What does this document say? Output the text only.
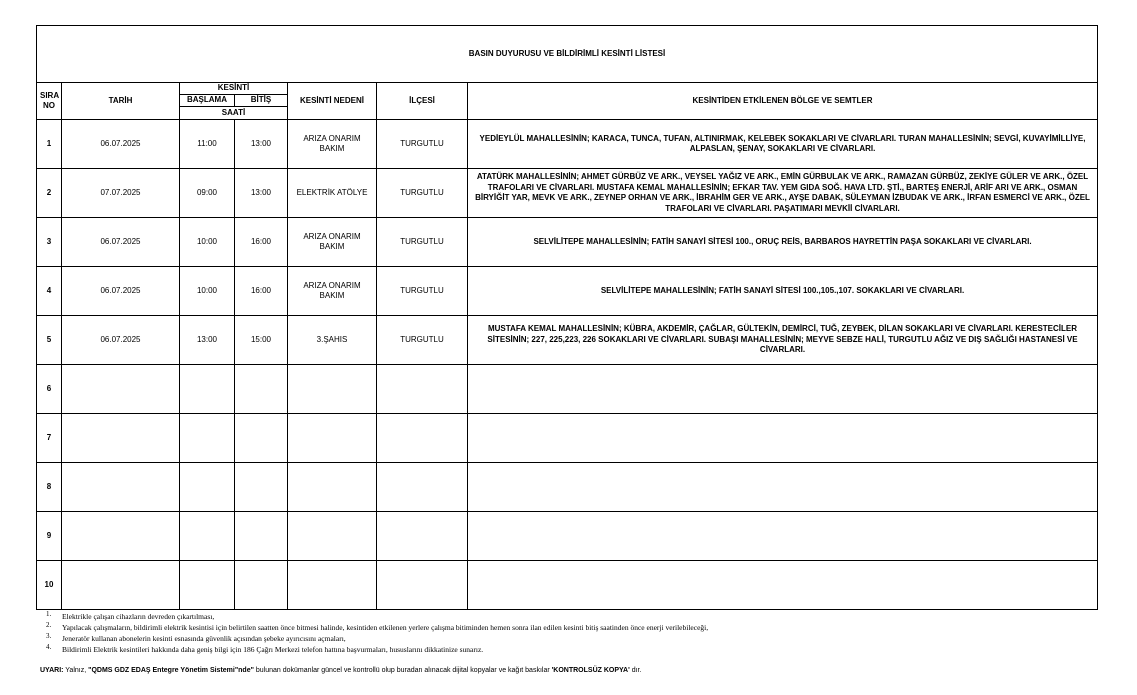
BASIN DUYURUSU VE BİLDİRİMLİ KESİNTİ LİSTESİ						
SIRA NO	TARİH	KESİNTİ		KESİNTİ NEDENİ	İLÇESİ	KESİNTİDEN ETKİLENEN BÖLGE VE SEMTLER
		BAŞLAMA	BİTİŞ			
		SAATİ				
1	06.07.2025	11:00	13:00	ARIZA ONARIM BAKIM	TURGUTLU	YEDİEYLÜL MAHALLESİNİN; KARACA, TUNCA, TUFAN, ALTINIRMAK, KELEBEK SOKAKLARI VE CİVARLARI. TURAN MAHALLESİNİN; SEVGİ, KUVAYİMİLLİYE, ALPASLAN, ŞENAY, SOKAKLARI VE CİVARLARI.
2	07.07.2025	09:00	13:00	ELEKTRİK ATÖLYE	TURGUTLU	ATATÜRK MAHALLESİNİN; AHMET GÜRBÜZ VE ARK., VEYSEL YAĞIZ VE ARK., EMİN GÜRBULAK VE ARK., RAMAZAN GÜRBÜZ, ZEKİYE GÜLER VE ARK., ÖZEL TRAFOLARI VE CİVARLARI. MUSTAFA KEMAL MAHALLESİNİN; EFKAR TAV. YEM GIDA SOĞ. HAVA LTD. ŞTİ., BARTEŞ ENERJİ, ARİF ARI VE ARK., OSMAN BİRYİĞİT YAR, MEVK VE ARK., ZEYNEP ORHAN VE ARK., İBRAHİM GER VE ARK., AYŞE DABAK, SÜLEYMAN İZBUDAK VE ARK., İRFAN ESMERCİ VE ARK., ÖZEL TRAFOLARI VE CİVARLARI. PAŞATIMARI MEVKİİ CİVARLARI.
3	06.07.2025	10:00	16:00	ARIZA ONARIM BAKIM	TURGUTLU	SELVİLİTEPE MAHALLESİNİN; FATİH SANAYİ SİTESİ 100., ORUÇ REİS, BARBAROS HAYRETTİN PAŞA SOKAKLARI VE CİVARLARI.
4	06.07.2025	10:00	16:00	ARIZA ONARIM BAKIM	TURGUTLU	SELVİLİTEPE MAHALLESİNİN; FATİH SANAYİ SİTESİ 100.,105.,107. SOKAKLARI VE CİVARLARI.
5	06.07.2025	13:00	15:00	3.ŞAHIS	TURGUTLU	MUSTAFA KEMAL MAHALLESİNİN; KÜBRA, AKDEMİR, ÇAĞLAR, GÜLTEKİN, DEMİRCİ, TUĞ, ZEYBEK, DİLAN SOKAKLARI VE CİVARLARI. KERESTECİLER SİTESİNİN; 227, 225,223, 226 SOKAKLARI VE CİVARLARI. SUBAŞI MAHALLESİNİN; MEYVE SEBZE HALİ, TURGUTLU AĞIZ VE DIŞ SAĞLIĞI HASTANESİ VE CİVARLARI.
6						
7						
8						
9						
10						
1. Elektrikle çalışan cihazların devreden çıkartılması,
2. Yapılacak çalışmaların, bildirimli elektrik kesintisi için belirtilen saatten önce bitmesi halinde, kesintiden etkilenen yerlere çalışma bitiminden hemen sonra ilan edilen kesinti bitiş saatinden önce enerji verilebileceği,
3. Jeneratör kullanan abonelerin kesinti esnasında güvenlik açısından şebeke ayırıcısını açmaları,
4. Bildirimli Elektrik kesintileri hakkında daha geniş bilgi için 186 Çağrı Merkezi telefon hattına başvurmaları, hususlarını dikkatinize sunarız.
UYARI: Yalnız, "QDMS GDZ EDAŞ Entegre Yönetim Sistemi"nde" bulunan dokümanlar güncel ve kontrollü olup buradan alınacak dijital kopyalar ve kağıt baskılar 'KONTROLSÜZ KOPYA' dır.
